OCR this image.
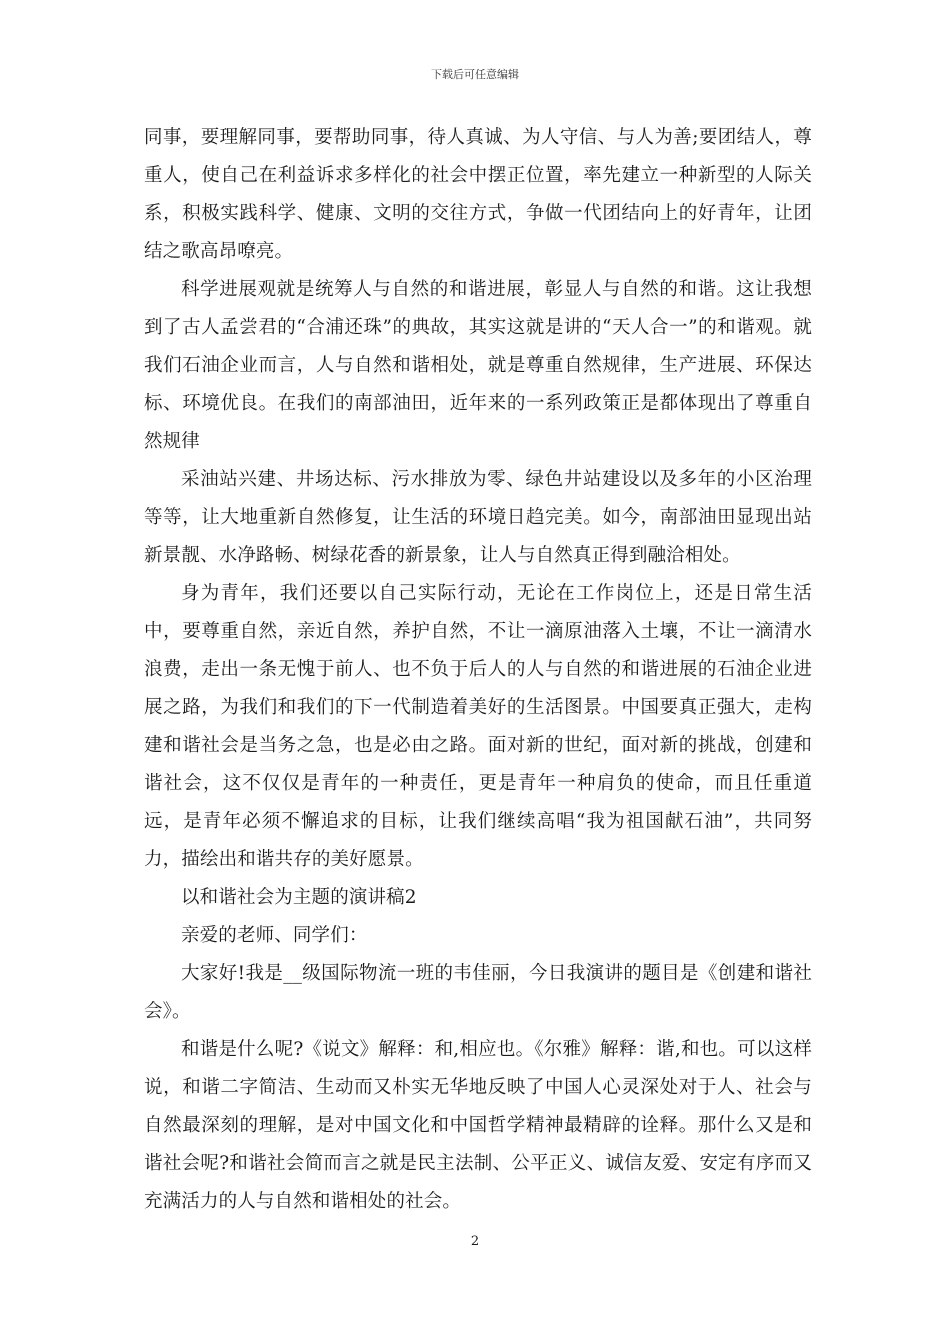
下载后可任意编辑

同事，要理解同事，要帮助同事，待人真诚、为人守信、与人为善;要团结人，尊重人，使自己在利益诉求多样化的社会中摆正位置，率先建立一种新型的人际关系，积极实践科学、健康、文明的交往方式，争做一代团结向上的好青年，让团结之歌高昂嘹亮。

科学进展观就是统筹人与自然的和谐进展，彰显人与自然的和谐。这让我想到了古人孟尝君的“合浦还珠”的典故，其实这就是讲的“天人合一”的和谐观。就我们石油企业而言，人与自然和谐相处，就是尊重自然规律，生产进展、环保达标、环境优良。在我们的南部油田，近年来的一系列政策正是都体现出了尊重自然规律

采油站兴建、井场达标、污水排放为零、绿色井站建设以及多年的小区治理等等，让大地重新自然修复，让生活的环境日趋完美。如今，南部油田显现出站新景靓、水净路畅、树绿花香的新景象，让人与自然真正得到融洽相处。

身为青年，我们还要以自己实际行动，无论在工作岗位上，还是日常生活中，要尊重自然，亲近自然，养护自然，不让一滴原油落入土壤，不让一滴清水浪费，走出一条无愧于前人、也不负于后人的人与自然的和谐进展的石油企业进展之路，为我们和我们的下一代制造着美好的生活图景。中国要真正强大，走构建和谐社会是当务之急，也是必由之路。面对新的世纪，面对新的挑战，创建和谐社会，这不仅仅是青年的一种责任，更是青年一种肩负的使命，而且任重道远，是青年必须不懈追求的目标，让我们继续高唱“我为祖国献石油”，共同努力，描绘出和谐共存的美好愿景。

以和谐社会为主题的演讲稿2

亲爱的老师、同学们：

大家好!我是__级国际物流一班的韦佳丽，今日我演讲的题目是《创建和谐社会》。

和谐是什么呢?《说文》解释：和,相应也。《尔雅》解释：谐,和也。可以这样说，和谐二字简洁、生动而又朴实无华地反映了中国人心灵深处对于人、社会与自然最深刻的理解，是对中国文化和中国哲学精神最精辟的诠释。那什么又是和谐社会呢?和谐社会简而言之就是民主法制、公平正义、诚信友爱、安定有序而又充满活力的人与自然和谐相处的社会。

2
